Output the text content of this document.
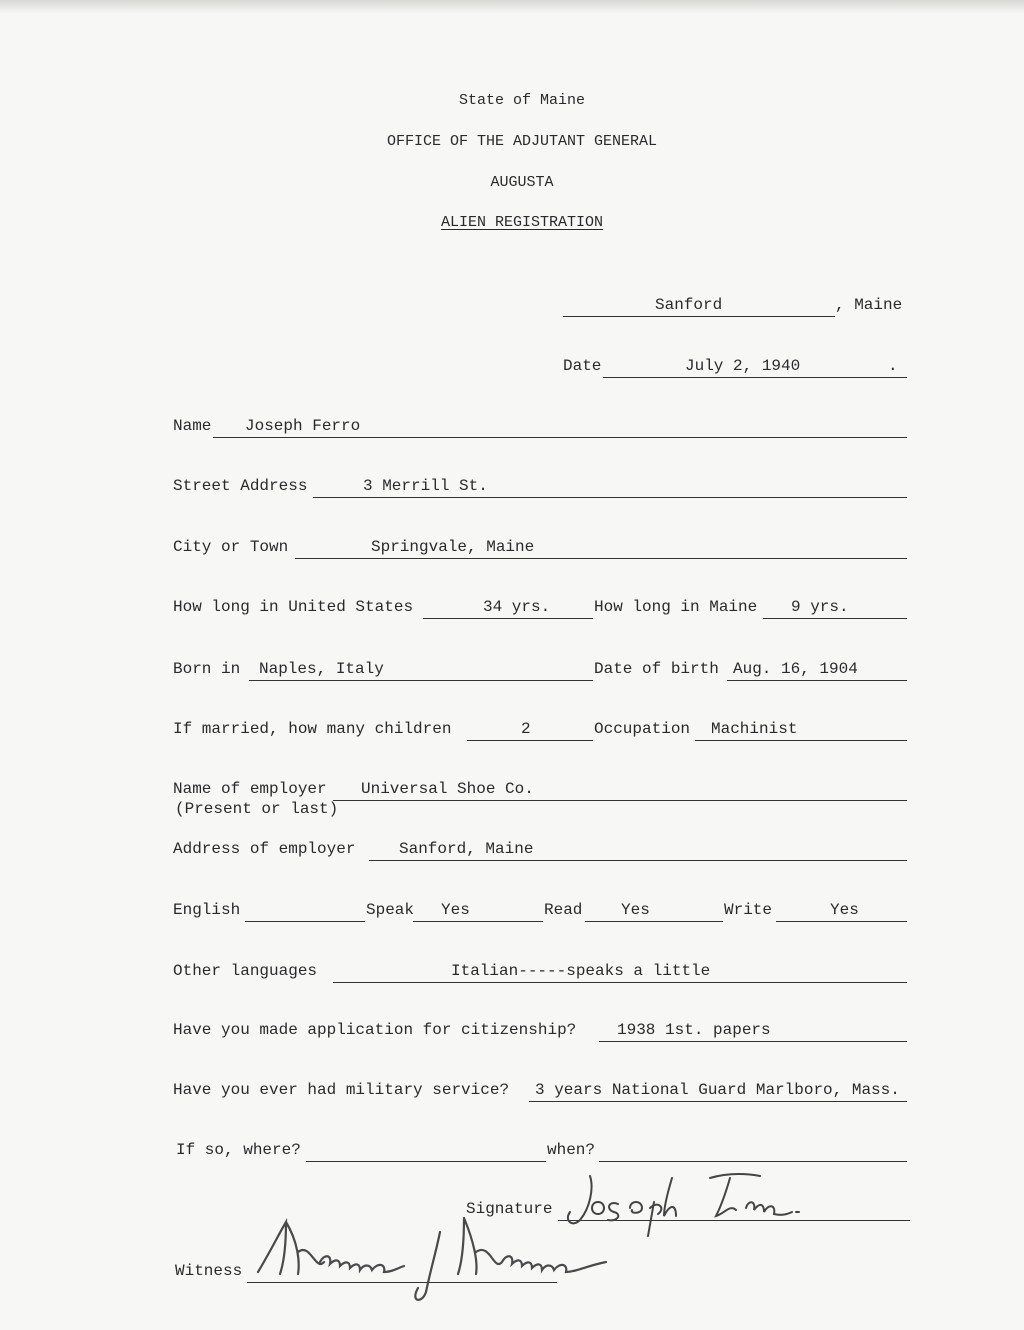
State of Maine
OFFICE OF THE ADJUTANT GENERAL
AUGUSTA
ALIEN REGISTRATION
Sanford	, Maine
Date	July 2, 1940	.
Name Joseph Ferro
Street Address	3 Merrill St.
City or Town	Springvale, Maine
How long in United States	34 yrs.	How long in Maine 9 yrs.
Born in Naples, Italy	Date of birth Aug. 16, 1904
If married, how many children	2	Occupation Machinist
Name of employer Universal Shoe Co.
(Present or last)
Address of employer	Sanford, Maine
English	Speak Yes	Read Yes	Write	Yes
Other languages	Italian-----speaks a little
Have you made application for citizenship?	1938 1st. papers
Have you ever had military service? 3 years National Guard Marlboro, Mass.
If so, where?	when?
Signature
Witness
